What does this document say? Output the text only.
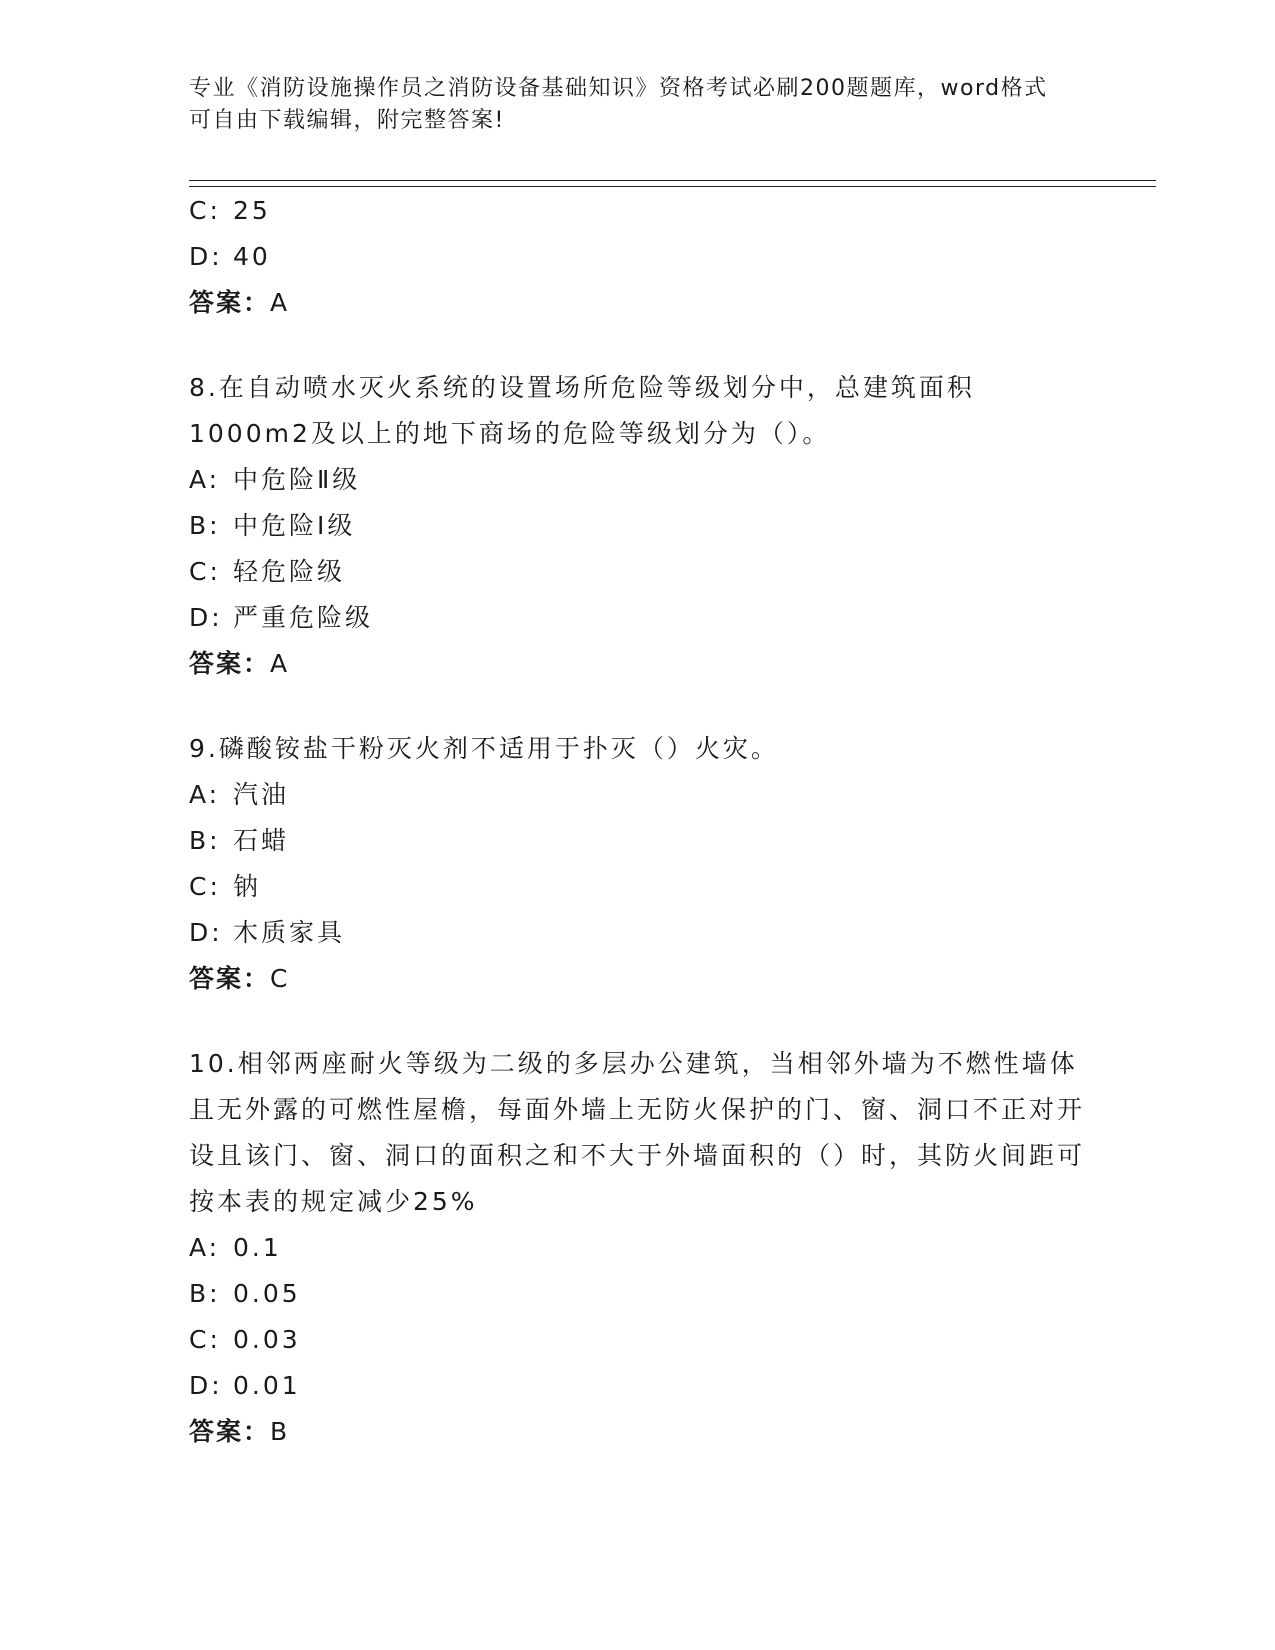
专业《消防设施操作员之消防设备基础知识》资格考试必刷200题题库，word格式可自由下载编辑，附完整答案!
C: 25
D: 40
答案：A
8.在自动喷水灭火系统的设置场所危险等级划分中，总建筑面积1000m2及以上的地下商场的危险等级划分为（）。
A: 中危险Ⅱ级
B: 中危险Ⅰ级
C: 轻危险级
D: 严重危险级
答案：A
9.磷酸铵盐干粉灭火剂不适用于扑灭（）火灾。
A: 汽油
B: 石蜡
C: 钠
D: 木质家具
答案：C
10.相邻两座耐火等级为二级的多层办公建筑，当相邻外墙为不燃性墙体且无外露的可燃性屋檐，每面外墙上无防火保护的门、窗、洞口不正对开设且该门、窗、洞口的面积之和不大于外墙面积的（）时，其防火间距可按本表的规定减少25%
A: 0.1
B: 0.05
C: 0.03
D: 0.01
答案：B
